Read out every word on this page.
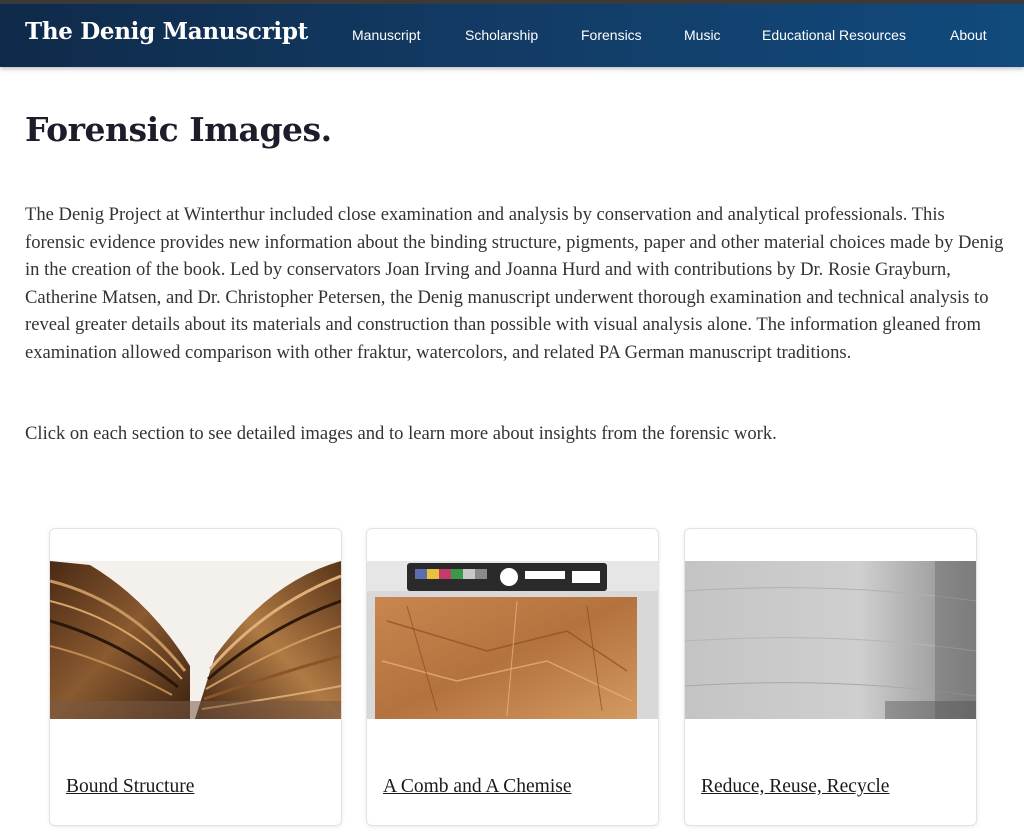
The Denig Manuscript	Manuscript	Scholarship	Forensics	Music	Educational Resources	About
Forensic Images.

The Denig Project at Winterthur included close examination and analysis by conservation and analytical professionals. This forensic evidence provides new information about the binding structure, pigments, paper and other material choices made by Denig in the creation of the book. Led by conservators Joan Irving and Joanna Hurd and with contributions by Dr. Rosie Grayburn, Catherine Matsen, and Dr. Christopher Petersen, the Denig manuscript underwent thorough examination and technical analysis to reveal greater details about its materials and construction than possible with visual analysis alone. The information gleaned from examination allowed comparison with other fraktur, watercolors, and related PA German manuscript traditions.

Click on each section to see detailed images and to learn more about insights from the forensic work.

Bound Structure	A Comb and A Chemise	Reduce, Reuse, Recycle
